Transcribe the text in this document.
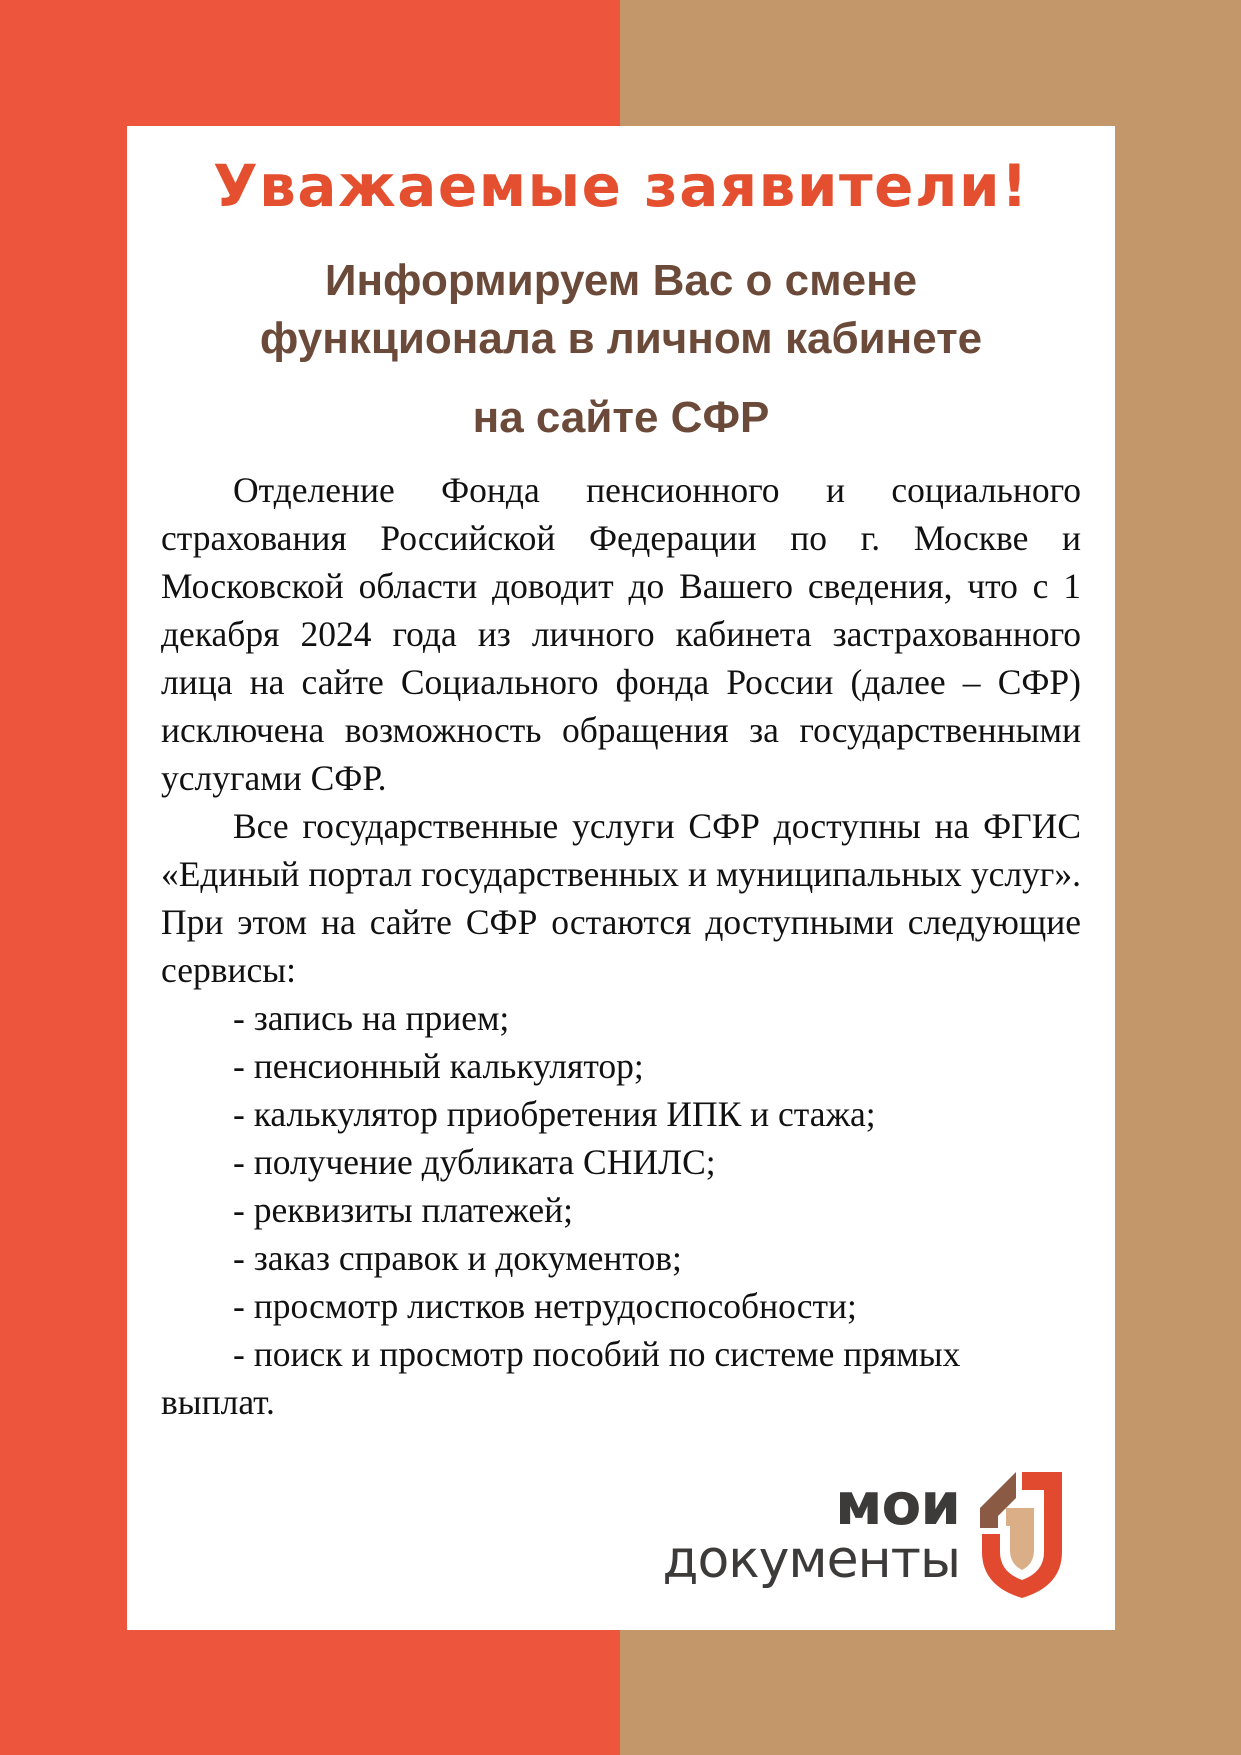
Уважаемые заявители!
Информируем Вас о смене
функционала в личном кабинете
на сайте СФР

Отделение Фонда пенсионного и социального страхования Российской Федерации по г. Москве и Московской области доводит до Вашего сведения, что с 1 декабря 2024 года из личного кабинета застрахованного лица на сайте Социального фонда России (далее – СФР) исключена возможность обращения за государственными услугами СФР.

Все государственные услуги СФР доступны на ФГИС «Единый портал государственных и муниципальных услуг». При этом на сайте СФР остаются доступными следующие сервисы:

- запись на прием;
- пенсионный калькулятор;
- калькулятор приобретения ИПК и стажа;
- получение дубликата СНИЛС;
- реквизиты платежей;
- заказ справок и документов;
- просмотр листков нетрудоспособности;
- поиск и просмотр пособий по системе прямых выплат.
мои
документы
